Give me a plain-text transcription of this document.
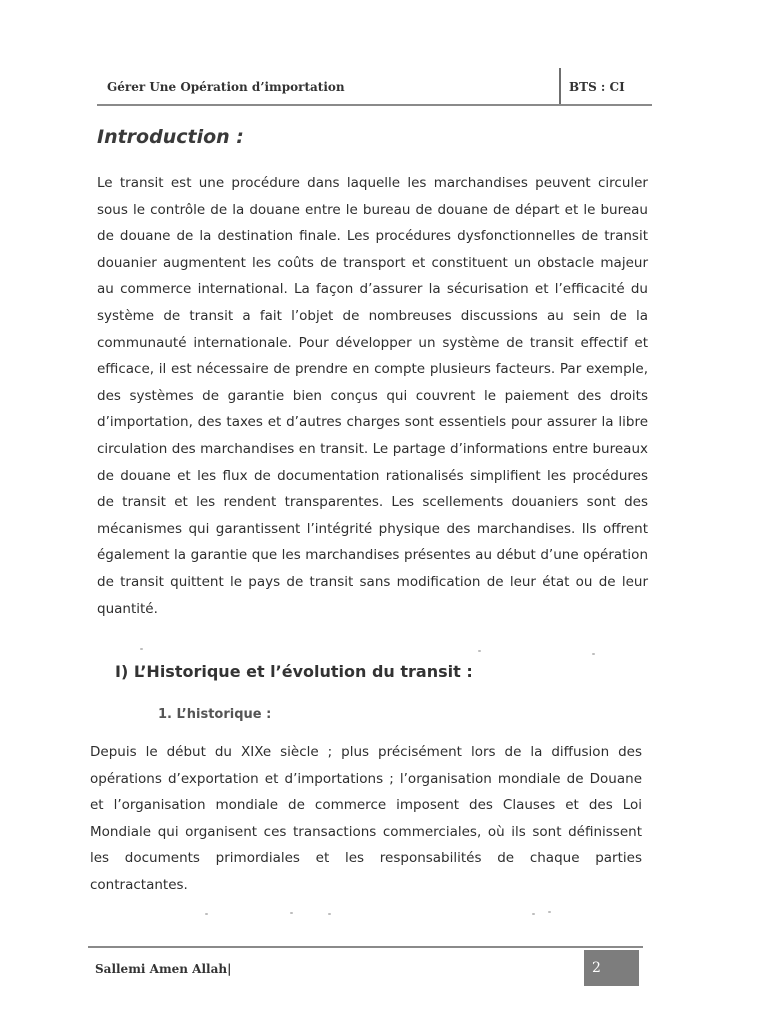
Gérer Une Opération d’importation	BTS : CI
Introduction :

Le transit est une procédure dans laquelle les marchandises peuvent circuler sous le contrôle de la douane entre le bureau de douane de départ et le bureau de douane de la destination finale. Les procédures dysfonctionnelles de transit douanier augmentent les coûts de transport et constituent un obstacle majeur au commerce international. La façon d’assurer la sécurisation et l’efficacité du système de transit a fait l’objet de nombreuses discussions au sein de la communauté internationale. Pour développer un système de transit effectif et efficace, il est nécessaire de prendre en compte plusieurs facteurs. Par exemple, des systèmes de garantie bien conçus qui couvrent le paiement des droits d’importation, des taxes et d’autres charges sont essentiels pour assurer la libre circulation des marchandises en transit. Le partage d’informations entre bureaux de douane et les flux de documentation rationalisés simplifient les procédures de transit et les rendent transparentes. Les scellements douaniers sont des mécanismes qui garantissent l’intégrité physique des marchandises. Ils offrent également la garantie que les marchandises présentes au début d’une opération de transit quittent le pays de transit sans modification de leur état ou de leur quantité.

I) L’Historique et l’évolution du transit :
1. L’historique :

Depuis le début du XIXe siècle ; plus précisément lors de la diffusion des opérations d’exportation et d’importations ; l’organisation mondiale de Douane et l’organisation mondiale de commerce imposent des Clauses et des Loi Mondiale qui organisent ces transactions commerciales, où ils sont définissent les documents primordiales et les responsabilités de chaque parties contractantes.

Sallemi Amen Allah|	2
